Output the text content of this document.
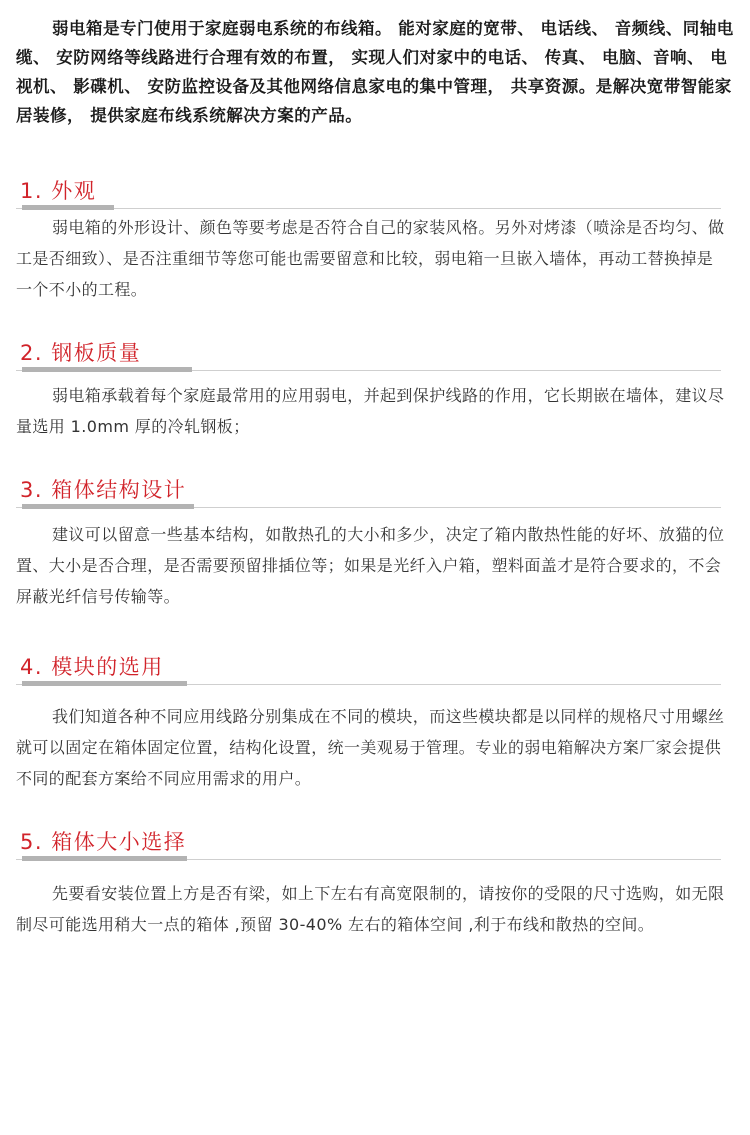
弱电箱是专门使用于家庭弱电系统的布线箱。 能对家庭的宽带、 电话线、 音频线、同轴电缆、 安防网络等线路进行合理有效的布置， 实现人们对家中的电话、 传真、 电脑、音响、 电视机、 影碟机、 安防监控设备及其他网络信息家电的集中管理， 共享资源。是解决宽带智能家居装修， 提供家庭布线系统解决方案的产品。
1. 外观
弱电箱的外形设计、颜色等要考虑是否符合自己的家装风格。另外对烤漆（喷涂是否均匀、做工是否细致）、是否注重细节等您可能也需要留意和比较，弱电箱一旦嵌入墙体，再动工替换掉是一个不小的工程。
2. 钢板质量
弱电箱承载着每个家庭最常用的应用弱电，并起到保护线路的作用，它长期嵌在墙体，建议尽量选用 1.0mm 厚的冷轧钢板；
3. 箱体结构设计
建议可以留意一些基本结构，如散热孔的大小和多少，决定了箱内散热性能的好坏、放猫的位置、大小是否合理，是否需要预留排插位等；如果是光纤入户箱，塑料面盖才是符合要求的，不会屏蔽光纤信号传输等。
4. 模块的选用
我们知道各种不同应用线路分别集成在不同的模块，而这些模块都是以同样的规格尺寸用螺丝就可以固定在箱体固定位置，结构化设置，统一美观易于管理。专业的弱电箱解决方案厂家会提供不同的配套方案给不同应用需求的用户。
5. 箱体大小选择
先要看安装位置上方是否有梁，如上下左右有高宽限制的，请按你的受限的尺寸选购，如无限制尽可能选用稍大一点的箱体 ,预留 30-40% 左右的箱体空间 ,利于布线和散热的空间。
